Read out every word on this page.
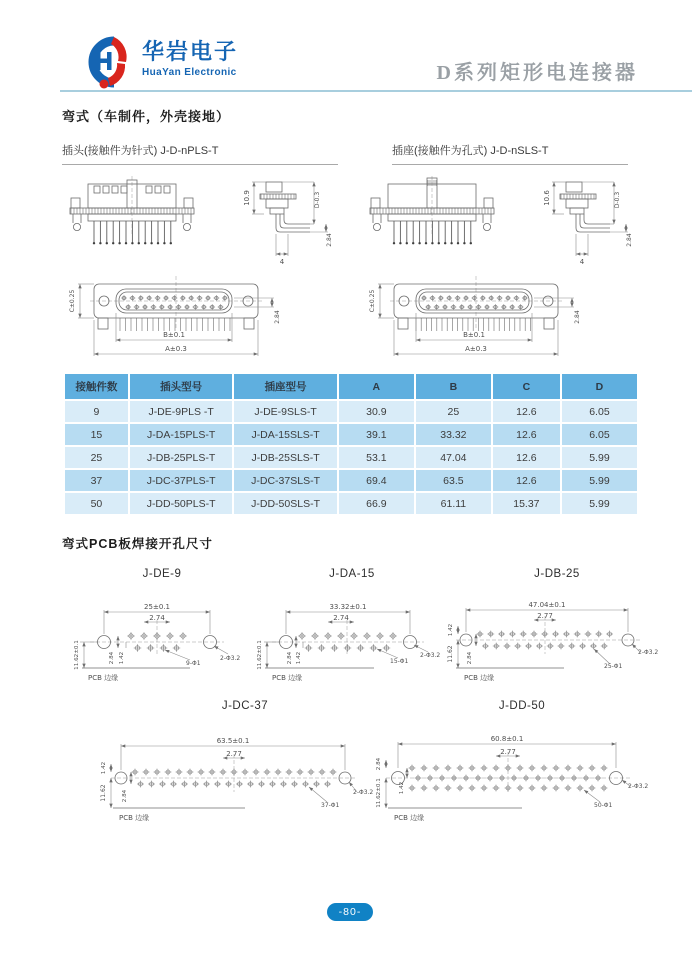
华岩电子
HuaYan Electronic	D系列矩形电连接器
弯式（车制件，外壳接地）
插头(接触件为针式) J-D-nPLS-T	插座(接触件为孔式) J-D-nSLS-T
10.9	D-0.3
2.84
4
C±0.25
2.84
B±0.1
A±0.3
10.6	D-0.3
2.84
4
C±0.25
2.84
B±0.1
A±0.3
接触件数	插头型号	插座型号	A	B	C	D
9	J-DE-9PLS -T	J-DE-9SLS-T	30.9	25	12.6	6.05
15	J-DA-15PLS-T	J-DA-15SLS-T	39.1	33.32	12.6	6.05
25	J-DB-25PLS-T	J-DB-25SLS-T	53.1	47.04	12.6	5.99
37	J-DC-37PLS-T	J-DC-37SLS-T	69.4	63.5	12.6	5.99
50	J-DD-50PLS-T	J-DD-50SLS-T	66.9	61.11	15.37	5.99
弯式PCB板焊接开孔尺寸
J-DE-9
25±0.1
2.74
11.62±0.1	2.84 1.42	9-Φ1
2-Φ3.2
PCB 边缘
J-DA-15
33.32±0.1
2.74
11.62±0.1	2.84 1.42	15-Φ1
2-Φ3.2
PCB 边缘
J-DB-25
47.04±0.1
2.77
1.42
11.62 2.84
25-Φ1
2-Φ3.2
PCB 边缘
J-DC-37
63.5±0.1
2.77
1.42
11.62	2.84
37-Φ1
2-Φ3.2
PCB 边缘
J-DD-50
60.8±0.1
2.77
2.84
11.62±0.1	1.42
50-Φ1
2-Φ3.2
PCB 边缘
-80-
